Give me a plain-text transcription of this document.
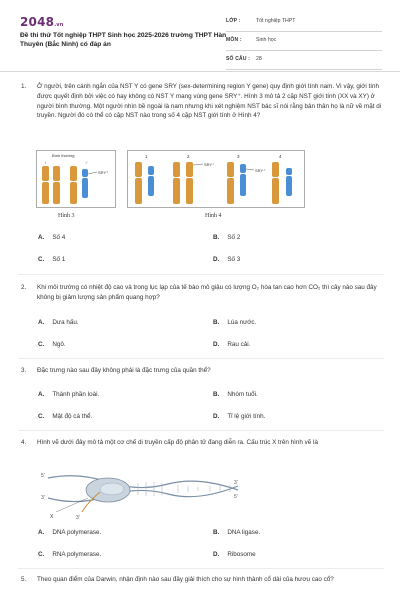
2048.vn
Đề thi thử Tốt nghiệp THPT Sinh học 2025-2026 trường THPT Hàn Thuyên (Bắc Ninh) có đáp án
LỚP :	Tốt nghiệp THPT
MÔN :	Sinh học
SỐ CÂU :	28
1. Ở người, trên cánh ngắn của NST Y có gene SRY (sex-determining region Y gene) quy định giới tính nam. Vì vậy, giới tính được quyết định bởi việc có hay không có NST Y mang vùng gene SRY⁺. Hình 3 mô tả 2 cặp NST giới tính (XX và XY) ở người bình thường. Một người nhìn bề ngoài là nam nhưng khi xét nghiệm NST bác sĩ nói rằng bản thân họ là nữ về mặt di truyền. Người đó có thể có cặp NST nào trong số 4 cặp NST giới tính ở Hình 4?
Bình thường
♀	♂
SRY⁺
Hình 3
1	2	3	4
SRY⁺
SRY⁺
Hình 4
A. Số 4	B. Số 2
C. Số 1	D. Số 3
2. Khi môi trường có nhiệt độ cao và trong lục lạp của tế bào mô giậu có lượng O₂ hòa tan cao hơn CO₂ thì cây nào sau đây không bị giảm lượng sản phẩm quang hợp?
A. Dưa hấu.	B. Lúa nước.
C. Ngô.	D. Rau cải.
3. Đặc trưng nào sau đây không phải là đặc trưng của quần thể?
A. Thành phần loài.	B. Nhóm tuổi.
C. Mật độ cá thể.	D. Tỉ lệ giới tính.
4. Hình vẽ dưới đây mô tả một cơ chế di truyền cấp độ phân tử đang diễn ra. Cấu trúc X trên hình vẽ là
5'
3'
3'
X
3'
5'
A. DNA polymerase.	B. DNA ligase.
C. RNA polymerase.	D. Ribosome
5. Theo quan điểm của Darwin, nhận định nào sau đây giải thích cho sự hình thành cổ dài của hươu cao cổ?
